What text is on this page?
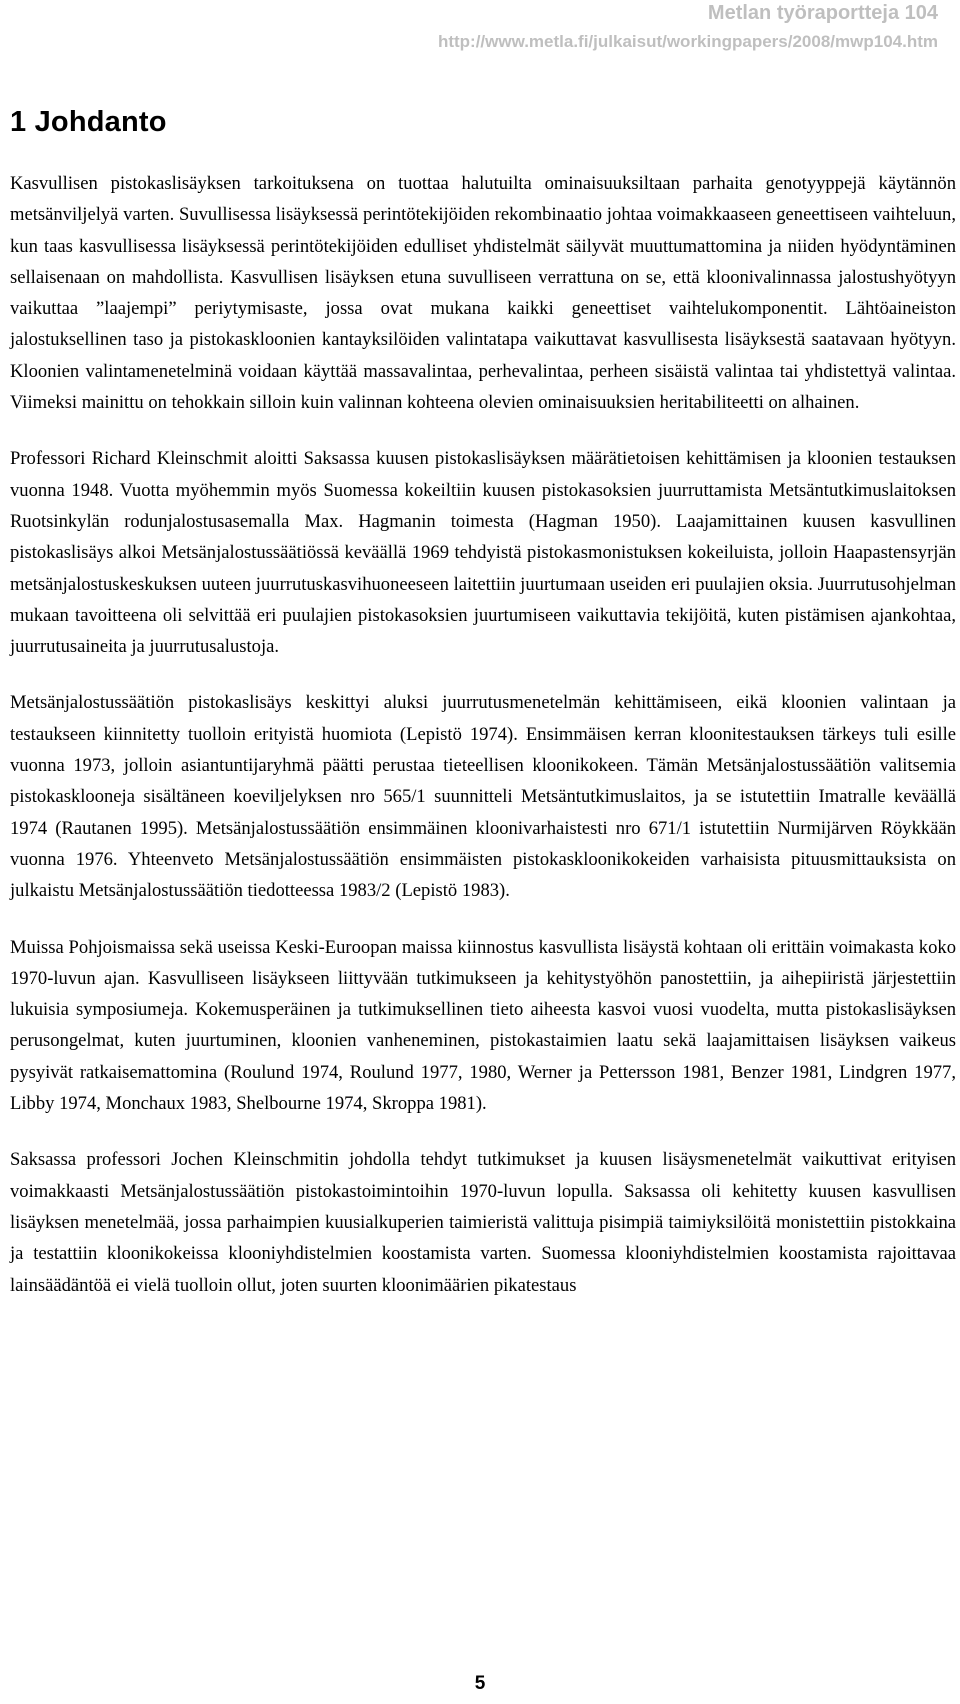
Metlan työraportteja 104
http://www.metla.fi/julkaisut/workingpapers/2008/mwp104.htm
1 Johdanto

Kasvullisen pistokaslisäyksen tarkoituksena on tuottaa halutuilta ominaisuuksiltaan parhaita genotyyppejä käytännön metsänviljelyä varten. Suvullisessa lisäyksessä perintötekijöiden rekombinaatio johtaa voimakkaaseen geneettiseen vaihteluun, kun taas kasvullisessa lisäyksessä perintötekijöiden edulliset yhdistelmät säilyvät muuttumattomina ja niiden hyödyntäminen sellaisenaan on mahdollista. Kasvullisen lisäyksen etuna suvulliseen verrattuna on se, että kloonivalinnassa jalostushyötyyn vaikuttaa ”laajempi” periytymisaste, jossa ovat mukana kaikki geneettiset vaihtelukomponentit. Lähtöaineiston jalostuksellinen taso ja pistokaskloonien kantayksilöiden valintatapa vaikuttavat kasvullisesta lisäyksestä saatavaan hyötyyn. Kloonien valintamenetelminä voidaan käyttää massavalintaa, perhevalintaa, perheen sisäistä valintaa tai yhdistettyä valintaa. Viimeksi mainittu on tehokkain silloin kuin valinnan kohteena olevien ominaisuuksien heritabiliteetti on alhainen.

Professori Richard Kleinschmit aloitti Saksassa kuusen pistokaslisäyksen määrätietoisen kehittämisen ja kloonien testauksen vuonna 1948. Vuotta myöhemmin myös Suomessa kokeiltiin kuusen pistokasoksien juurruttamista Metsäntutkimuslaitoksen Ruotsinkylän rodunjalostusasemalla Max. Hagmanin toimesta (Hagman 1950). Laajamittainen kuusen kasvullinen pistokaslisäys alkoi Metsänjalostussäätiössä keväällä 1969 tehdyistä pistokasmonistuksen kokeiluista, jolloin Haapastensyrjän metsänjalostuskeskuksen uuteen juurrutuskasvihuoneeseen laitettiin juurtumaan useiden eri puulajien oksia. Juurrutusohjelman mukaan tavoitteena oli selvittää eri puulajien pistokasoksien juurtumiseen vaikuttavia tekijöitä, kuten pistämisen ajankohtaa, juurrutusaineita ja juurrutusalustoja.

Metsänjalostussäätiön pistokaslisäys keskittyi aluksi juurrutusmenetelmän kehittämiseen, eikä kloonien valintaan ja testaukseen kiinnitetty tuolloin erityistä huomiota (Lepistö 1974). Ensimmäisen kerran kloonitestauksen tärkeys tuli esille vuonna 1973, jolloin asiantuntijaryhmä päätti perustaa tieteellisen kloonikokeen. Tämän Metsänjalostussäätiön valitsemia pistokasklooneja sisältäneen koeviljelyksen nro 565/1 suunnitteli Metsäntutkimuslaitos, ja se istutettiin Imatralle keväällä 1974 (Rautanen 1995). Metsänjalostussäätiön ensimmäinen kloonivarhaistesti nro 671/1 istutettiin Nurmijärven Röykkään vuonna 1976. Yhteenveto Metsänjalostussäätiön ensimmäisten pistokaskloonikokeiden varhaisista pituusmittauksista on julkaistu Metsänjalostussäätiön tiedotteessa 1983/2 (Lepistö 1983).

Muissa Pohjoismaissa sekä useissa Keski-Euroopan maissa kiinnostus kasvullista lisäystä kohtaan oli erittäin voimakasta koko 1970-luvun ajan. Kasvulliseen lisäykseen liittyvään tutkimukseen ja kehitystyöhön panostettiin, ja aihepiiristä järjestettiin lukuisia symposiumeja. Kokemusperäinen ja tutkimuksellinen tieto aiheesta kasvoi vuosi vuodelta, mutta pistokaslisäyksen perusongelmat, kuten juurtuminen, kloonien vanheneminen, pistokastaimien laatu sekä laajamittaisen lisäyksen vaikeus pysyivät ratkaisemattomina (Roulund 1974, Roulund 1977, 1980, Werner ja Pettersson 1981, Benzer 1981, Lindgren 1977, Libby 1974, Monchaux 1983, Shelbourne 1974, Skroppa 1981).

Saksassa professori Jochen Kleinschmitin johdolla tehdyt tutkimukset ja kuusen lisäysmenetelmät vaikuttivat erityisen voimakkaasti Metsänjalostussäätiön pistokastoimintoihin 1970-luvun lopulla. Saksassa oli kehitetty kuusen kasvullisen lisäyksen menetelmää, jossa parhaimpien kuusialkuperien taimieristä valittuja pisimpiä taimiyksilöitä monistettiin pistokkaina ja testattiin kloonikokeissa klooniyhdistelmien koostamista varten. Suomessa klooniyhdistelmien koostamista rajoittavaa lainsäädäntöä ei vielä tuolloin ollut, joten suurten kloonimäärien pikatestaus

5
